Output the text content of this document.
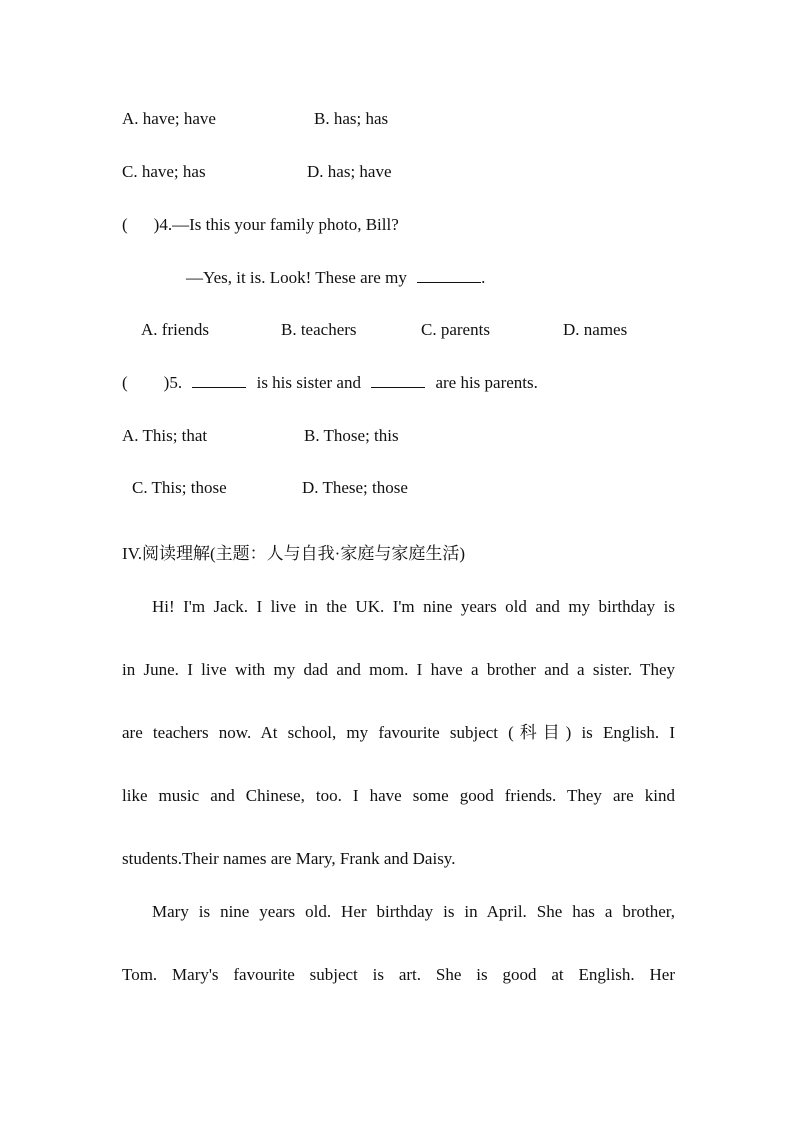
A. have; have	B. has; has
C. have; has	D. has; have
( )4.—Is this your family photo, Bill?
—Yes, it is. Look! These are my	.
A. friends	B. teachers	C. parents	D. names
( )5.	is his sister and	are his parents.
A. This; that	B. Those; this
C. This; those	D. These; those
IV.阅读理解(主题：人与自我·家庭与家庭生活)
Hi! I'm Jack. I live in the UK. I'm nine years old and my birthday is
in June. I live with my dad and mom. I have a brother and a sister. They
are teachers now. At school, my favourite subject (科目) is English. I
like music and Chinese, too. I have some good friends. They are kind
students.Their names are Mary, Frank and Daisy.
Mary is nine years old. Her birthday is in April. She has a brother,
Tom. Mary's favourite subject is art. She is good at English. Her
